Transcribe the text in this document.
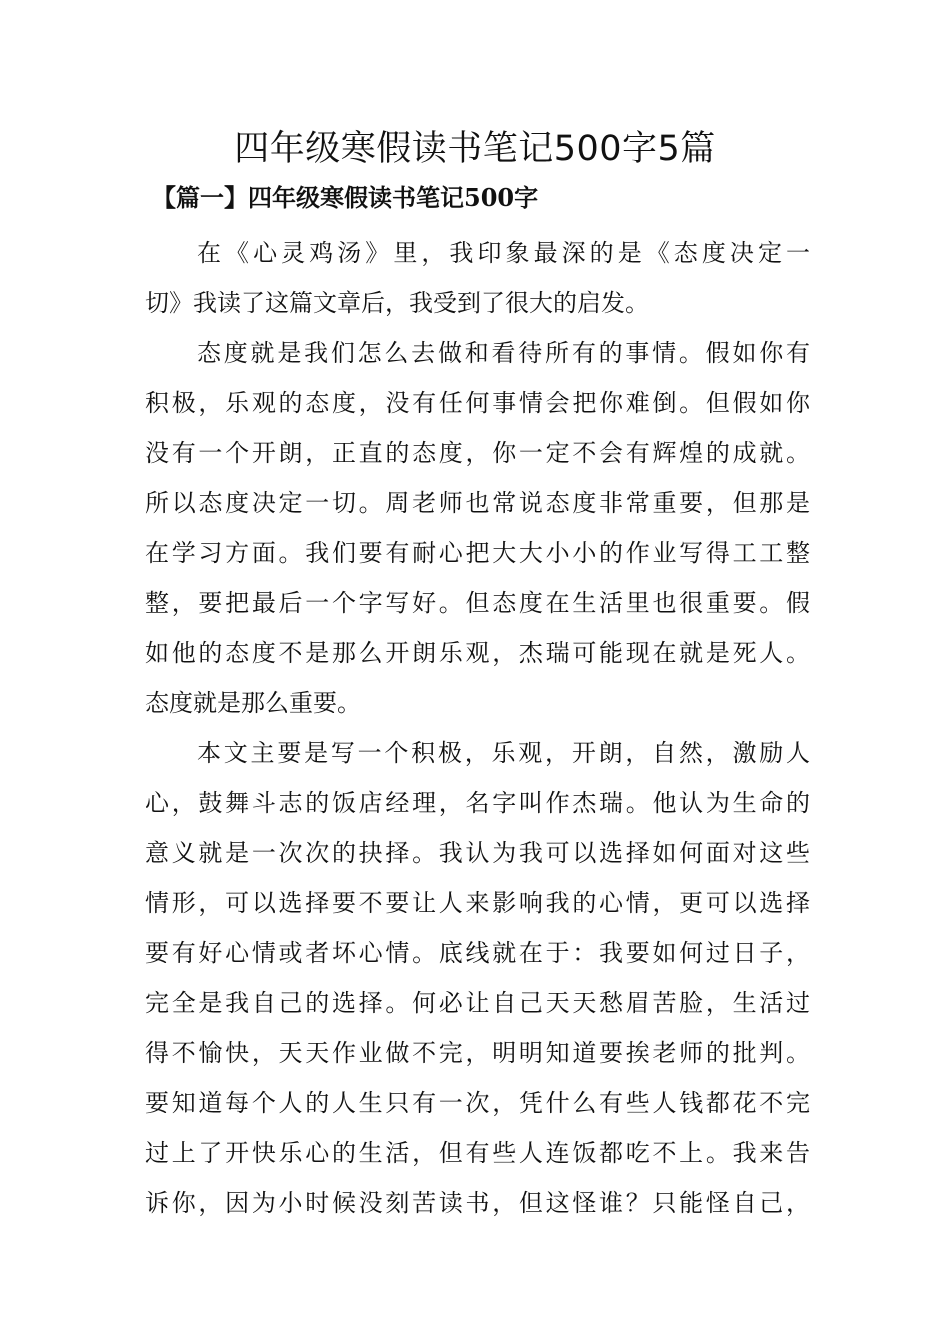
四年级寒假读书笔记500字5篇
【篇一】四年级寒假读书笔记500字

在《心灵鸡汤》里，我印象最深的是《态度决定一
切》我读了这篇文章后，我受到了很大的启发。

态度就是我们怎么去做和看待所有的事情。假如你有
积极，乐观的态度，没有任何事情会把你难倒。但假如你
没有一个开朗，正直的态度，你一定不会有辉煌的成就。
所以态度决定一切。周老师也常说态度非常重要，但那是
在学习方面。我们要有耐心把大大小小的作业写得工工整
整，要把最后一个字写好。但态度在生活里也很重要。假
如他的态度不是那么开朗乐观，杰瑞可能现在就是死人。
态度就是那么重要。

本文主要是写一个积极，乐观，开朗，自然，激励人
心，鼓舞斗志的饭店经理，名字叫作杰瑞。他认为生命的
意义就是一次次的抉择。我认为我可以选择如何面对这些
情形，可以选择要不要让人来影响我的心情，更可以选择
要有好心情或者坏心情。底线就在于：我要如何过日子，
完全是我自己的选择。何必让自己天天愁眉苦脸，生活过
得不愉快，天天作业做不完，明明知道要挨老师的批判。
要知道每个人的人生只有一次，凭什么有些人钱都花不完
过上了开快乐心的生活，但有些人连饭都吃不上。我来告
诉你，因为小时候没刻苦读书，但这怪谁？只能怪自己，
